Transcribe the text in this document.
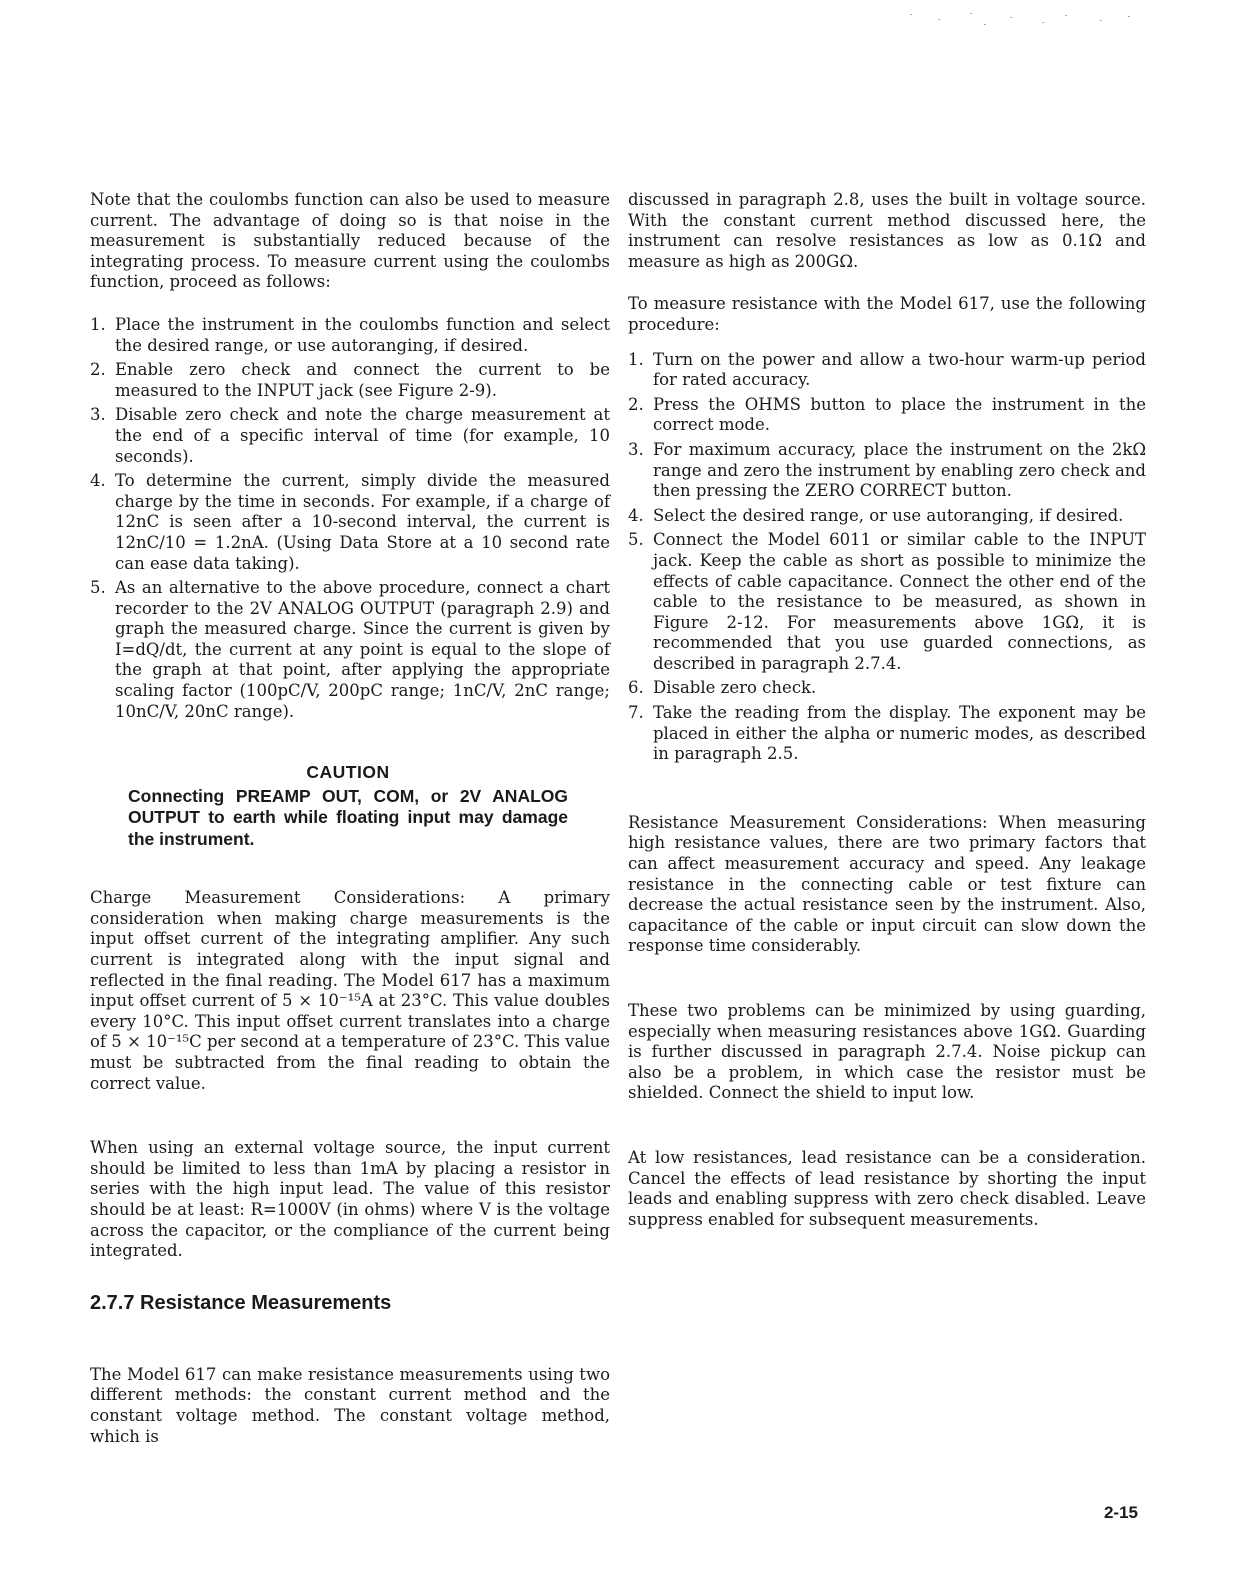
Note that the coulombs function can also be used to measure current. The advantage of doing so is that noise in the measurement is substantially reduced because of the integrating process. To measure current using the coulombs function, proceed as follows:

1. Place the instrument in the coulombs function and select the desired range, or use autoranging, if desired.
2. Enable zero check and connect the current to be measured to the INPUT jack (see Figure 2-9).
3. Disable zero check and note the charge measurement at the end of a specific interval of time (for example, 10 seconds).
4. To determine the current, simply divide the measured charge by the time in seconds. For example, if a charge of 12nC is seen after a 10-second interval, the current is 12nC/10 = 1.2nA. (Using Data Store at a 10 second rate can ease data taking).
5. As an alternative to the above procedure, connect a chart recorder to the 2V ANALOG OUTPUT (paragraph 2.9) and graph the measured charge. Since the current is given by I=dQ/dt, the current at any point is equal to the slope of the graph at that point, after applying the appropriate scaling factor (100pC/V, 200pC range; 1nC/V, 2nC range; 10nC/V, 20nC range).
CAUTION
Connecting PREAMP OUT, COM, or 2V ANALOG OUTPUT to earth while floating input may damage the instrument.

Charge Measurement Considerations: A primary consideration when making charge measurements is the input offset current of the integrating amplifier. Any such current is integrated along with the input signal and reflected in the final reading. The Model 617 has a maximum input offset current of 5 × 10⁻¹⁵A at 23°C. This value doubles every 10°C. This input offset current translates into a charge of 5 × 10⁻¹⁵C per second at a temperature of 23°C. This value must be subtracted from the final reading to obtain the correct value.

When using an external voltage source, the input current should be limited to less than 1mA by placing a resistor in series with the high input lead. The value of this resistor should be at least: R=1000V (in ohms) where V is the voltage across the capacitor, or the compliance of the current being integrated.

2.7.7 Resistance Measurements

The Model 617 can make resistance measurements using two different methods: the constant current method and the constant voltage method. The constant voltage method, which is

discussed in paragraph 2.8, uses the built in voltage source. With the constant current method discussed here, the instrument can resolve resistances as low as 0.1Ω and measure as high as 200GΩ.

To measure resistance with the Model 617, use the following procedure:

1. Turn on the power and allow a two-hour warm-up period for rated accuracy.
2. Press the OHMS button to place the instrument in the correct mode.
3. For maximum accuracy, place the instrument on the 2kΩ range and zero the instrument by enabling zero check and then pressing the ZERO CORRECT button.
4. Select the desired range, or use autoranging, if desired.
5. Connect the Model 6011 or similar cable to the INPUT jack. Keep the cable as short as possible to minimize the effects of cable capacitance. Connect the other end of the cable to the resistance to be measured, as shown in Figure 2-12. For measurements above 1GΩ, it is recommended that you use guarded connections, as described in paragraph 2.7.4.
6. Disable zero check.
7. Take the reading from the display. The exponent may be placed in either the alpha or numeric modes, as described in paragraph 2.5.

Resistance Measurement Considerations: When measuring high resistance values, there are two primary factors that can affect measurement accuracy and speed. Any leakage resistance in the connecting cable or test fixture can decrease the actual resistance seen by the instrument. Also, capacitance of the cable or input circuit can slow down the response time considerably.

These two problems can be minimized by using guarding, especially when measuring resistances above 1GΩ. Guarding is further discussed in paragraph 2.7.4. Noise pickup can also be a problem, in which case the resistor must be shielded. Connect the shield to input low.

At low resistances, lead resistance can be a consideration. Cancel the effects of lead resistance by shorting the input leads and enabling suppress with zero check disabled. Leave suppress enabled for subsequent measurements.

2-15
